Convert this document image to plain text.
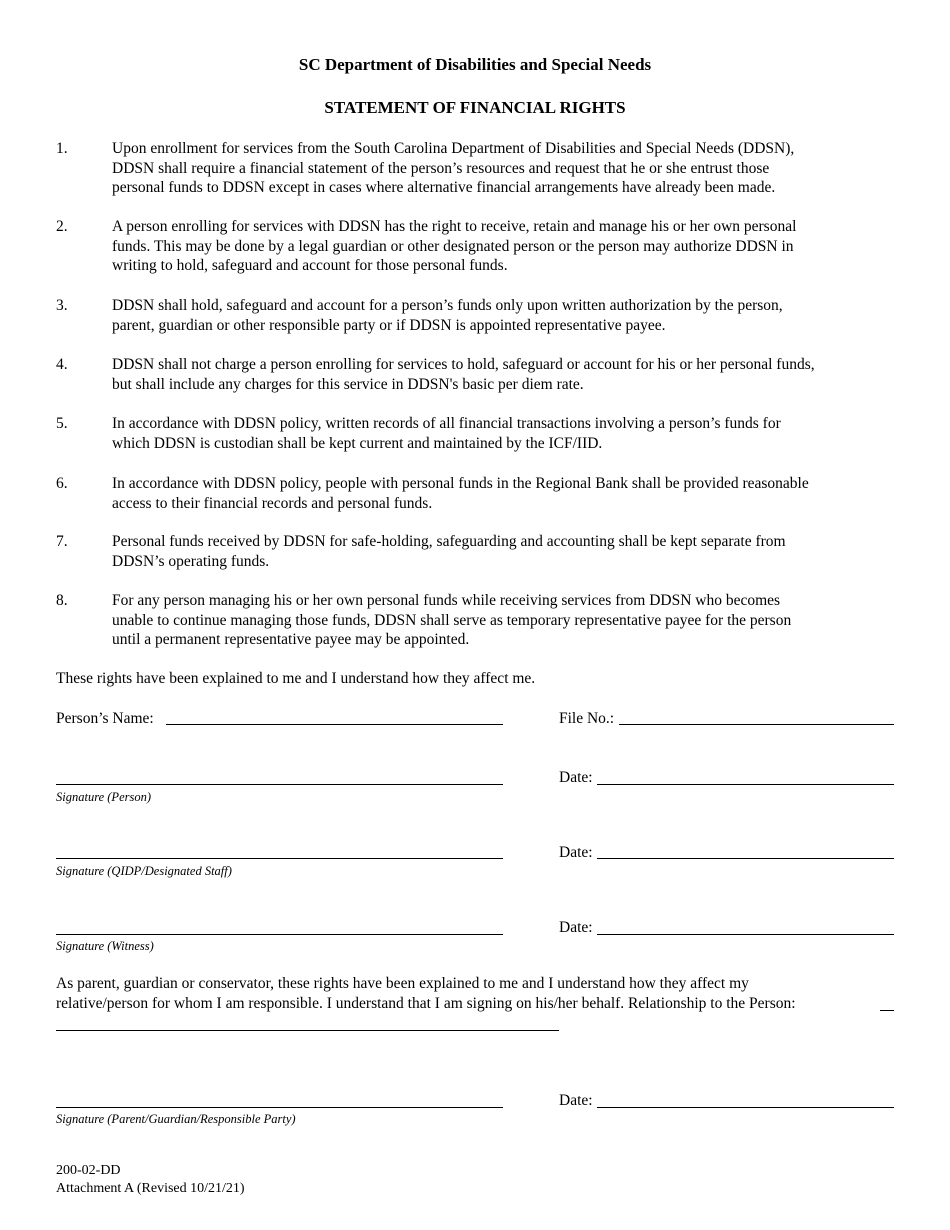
SC Department of Disabilities and Special Needs
STATEMENT OF FINANCIAL RIGHTS
1.	Upon enrollment for services from the South Carolina Department of Disabilities and Special Needs (DDSN),
DDSN shall require a financial statement of the person’s resources and request that he or she entrust those
personal funds to DDSN except in cases where alternative financial arrangements have already been made.
2.	A person enrolling for services with DDSN has the right to receive, retain and manage his or her own personal
funds. This may be done by a legal guardian or other designated person or the person may authorize DDSN in
writing to hold, safeguard and account for those personal funds.
3.	DDSN shall hold, safeguard and account for a person’s funds only upon written authorization by the person,
parent, guardian or other responsible party or if DDSN is appointed representative payee.
4.	DDSN shall not charge a person enrolling for services to hold, safeguard or account for his or her personal funds,
but shall include any charges for this service in DDSN's basic per diem rate.
5.	In accordance with DDSN policy, written records of all financial transactions involving a person’s funds for
which DDSN is custodian shall be kept current and maintained by the ICF/IID.
6.	In accordance with DDSN policy, people with personal funds in the Regional Bank shall be provided reasonable
access to their financial records and personal funds.
7.	Personal funds received by DDSN for safe-holding, safeguarding and accounting shall be kept separate from
DDSN’s operating funds.
8.	For any person managing his or her own personal funds while receiving services from DDSN who becomes
unable to continue managing those funds, DDSN shall serve as temporary representative payee for the person
until a permanent representative payee may be appointed.
These rights have been explained to me and I understand how they affect me.
Person’s Name:	File No.:
Signature (Person)
Date:
Signature (QIDP/Designated Staff)
Date:
Signature (Witness)
Date:
As parent, guardian or conservator, these rights have been explained to me and I understand how they affect my
relative/person for whom I am responsible. I understand that I am signing on his/her behalf. Relationship to the Person:
Signature (Parent/Guardian/Responsible Party)
Date:
200-02-DD
Attachment A (Revised 10/21/21)
